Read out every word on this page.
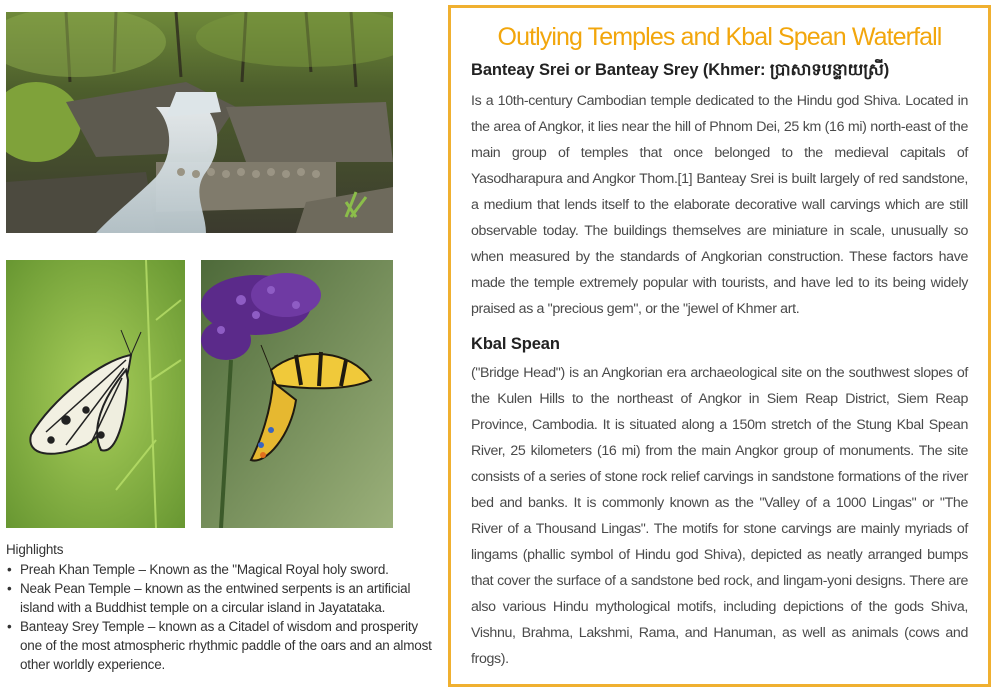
Highlights
• Preah Khan Temple – Known as the "Magical Royal holy sword.
• Neak Pean Temple – known as the entwined serpents is an artificial island with a Buddhist temple on a circular island in Jayatataka.
• Banteay Srey Temple – known as a Citadel of wisdom and prosperity one of the most atmospheric rhythmic paddle of the oars and an almost other worldly experience.
Outlying Temples and Kbal Spean Waterfall
Banteay Srei or Banteay Srey (Khmer: ប្រាសាទបន្ទាយស្រី)

Is a 10th-century Cambodian temple dedicated to the Hindu god Shiva. Located in the area of Angkor, it lies near the hill of Phnom Dei, 25 km (16 mi) north-east of the main group of temples that once belonged to the medieval capitals of Yasodharapura and Angkor Thom.[1] Banteay Srei is built largely of red sandstone, a medium that lends itself to the elaborate decorative wall carvings which are still observable today. The buildings themselves are miniature in scale, unusually so when measured by the standards of Angkorian construction. These factors have made the temple extremely popular with tourists, and have led to its being widely praised as a "precious gem", or the "jewel of Khmer art.

Kbal Spean

("Bridge Head") is an Angkorian era archaeological site on the southwest slopes of the Kulen Hills to the northeast of Angkor in Siem Reap District, Siem Reap Province, Cambodia. It is situated along a 150m stretch of the Stung Kbal Spean River, 25 kilometers (16 mi) from the main Angkor group of monuments. The site consists of a series of stone rock relief carvings in sandstone formations of the river bed and banks. It is commonly known as the "Valley of a 1000 Lingas" or "The River of a Thousand Lingas". The motifs for stone carvings are mainly myriads of lingams (phallic symbol of Hindu god Shiva), depicted as neatly arranged bumps that cover the surface of a sandstone bed rock, and lingam-yoni designs. There are also various Hindu mythological motifs, including depictions of the gods Shiva, Vishnu, Brahma, Lakshmi, Rama, and Hanuman, as well as animals (cows and frogs).
